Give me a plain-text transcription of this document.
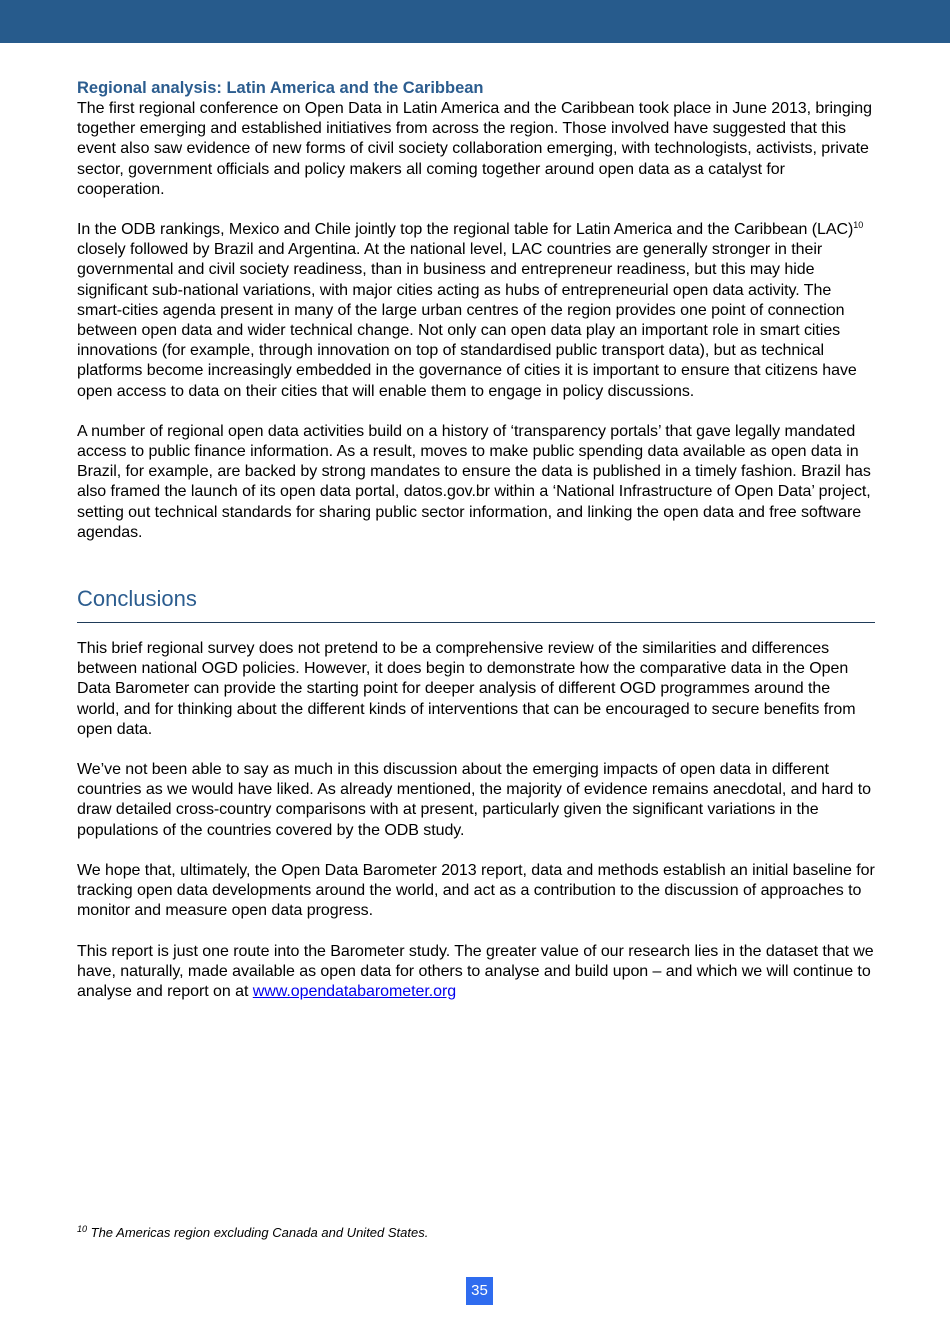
Regional analysis: Latin America and the Caribbean

The first regional conference on Open Data in Latin America and the Caribbean took place in June 2013, bringing together emerging and established initiatives from across the region. Those involved have suggested that this event also saw evidence of new forms of civil society collaboration emerging, with technologists, activists, private sector, government officials and policy makers all coming together around open data as a catalyst for cooperation.

In the ODB rankings, Mexico and Chile jointly top the regional table for Latin America and the Caribbean (LAC)$^{10}$ closely followed by Brazil and Argentina. At the national level, LAC countries are generally stronger in their governmental and civil society readiness, than in business and entrepreneur readiness, but this may hide significant sub-national variations, with major cities acting as hubs of entrepreneurial open data activity. The smart-cities agenda present in many of the large urban centres of the region provides one point of connection between open data and wider technical change. Not only can open data play an important role in smart cities innovations (for example, through innovation on top of standardised public transport data), but as technical platforms become increasingly embedded in the governance of cities it is important to ensure that citizens have open access to data on their cities that will enable them to engage in policy discussions.

A number of regional open data activities build on a history of ‘transparency portals’ that gave legally mandated access to public finance information. As a result, moves to make public spending data available as open data in Brazil, for example, are backed by strong mandates to ensure the data is published in a timely fashion. Brazil has also framed the launch of its open data portal, datos.gov.br within a ‘National Infrastructure of Open Data’ project, setting out technical standards for sharing public sector information, and linking the open data and free software agendas.

Conclusions

This brief regional survey does not pretend to be a comprehensive review of the similarities and differences between national OGD policies. However, it does begin to demonstrate how the comparative data in the Open Data Barometer can provide the starting point for deeper analysis of different OGD programmes around the world, and for thinking about the different kinds of interventions that can be encouraged to secure benefits from open data.

We’ve not been able to say as much in this discussion about the emerging impacts of open data in different countries as we would have liked. As already mentioned, the majority of evidence remains anecdotal, and hard to draw detailed cross-country comparisons with at present, particularly given the significant variations in the populations of the countries covered by the ODB study.

We hope that, ultimately, the Open Data Barometer 2013 report, data and methods establish an initial baseline for tracking open data developments around the world, and act as a contribution to the discussion of approaches to monitor and measure open data progress.

This report is just one route into the Barometer study. The greater value of our research lies in the dataset that we have, naturally, made available as open data for others to analyse and build upon – and which we will continue to analyse and report on at www.opendatabarometer.org

$^{10}$ The Americas region excluding Canada and United States.
35
